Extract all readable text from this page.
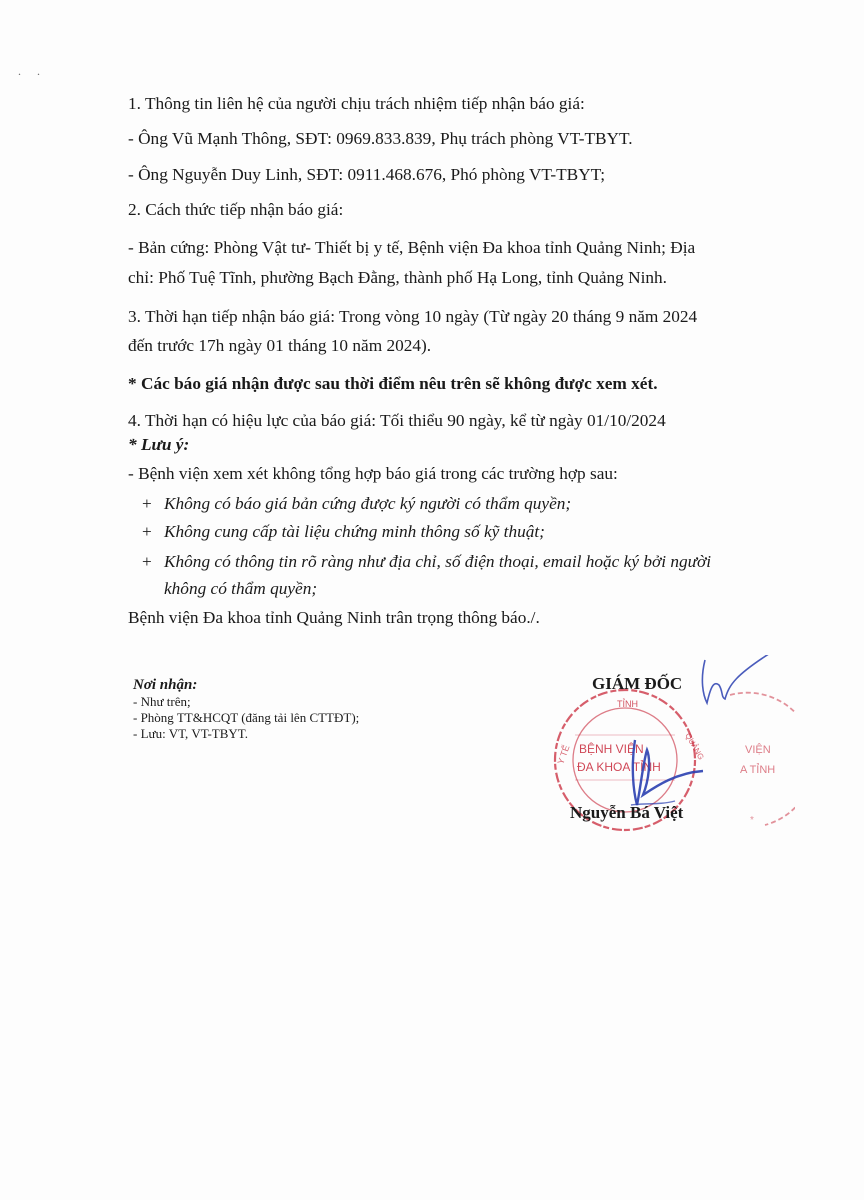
..
1. Thông tin liên hệ của người chịu trách nhiệm tiếp nhận báo giá:
- Ông Vũ Mạnh Thông, SĐT: 0969.833.839, Phụ trách phòng VT-TBYT.
- Ông Nguyễn Duy Linh, SĐT: 0911.468.676, Phó phòng VT-TBYT;
2. Cách thức tiếp nhận báo giá:
- Bản cứng: Phòng Vật tư- Thiết bị y tế, Bệnh viện Đa khoa tỉnh Quảng Ninh; Địa
chỉ: Phố Tuệ Tĩnh, phường Bạch Đằng, thành phố Hạ Long, tỉnh Quảng Ninh.
3. Thời hạn tiếp nhận báo giá: Trong vòng 10 ngày (Từ ngày 20 tháng 9 năm 2024
đến trước 17h ngày 01 tháng 10 năm 2024).
* Các báo giá nhận được sau thời điểm nêu trên sẽ không được xem xét.
4. Thời hạn có hiệu lực của báo giá: Tối thiểu 90 ngày, kể từ ngày 01/10/2024
* Lưu ý:
- Bệnh viện xem xét không tổng hợp báo giá trong các trường hợp sau:
+ Không có báo giá bản cứng được ký người có thẩm quyền;
+ Không cung cấp tài liệu chứng minh thông số kỹ thuật;
+ Không có thông tin rõ ràng như địa chỉ, số điện thoại, email hoặc ký bởi người
không có thẩm quyền;
Bệnh viện Đa khoa tỉnh Quảng Ninh trân trọng thông báo./.
Nơi nhận:
- Như trên;
- Phòng TT&HCQT (đăng tải lên CTTĐT);
- Lưu: VT, VT-TBYT.
TỈNH
Y TẾ	QUẢNG
BỆNH VIỆN
ĐA KHOA TỈNH
VIỆN
A TỈNH
*
GIÁM ĐỐC
Nguyễn Bá Việt
